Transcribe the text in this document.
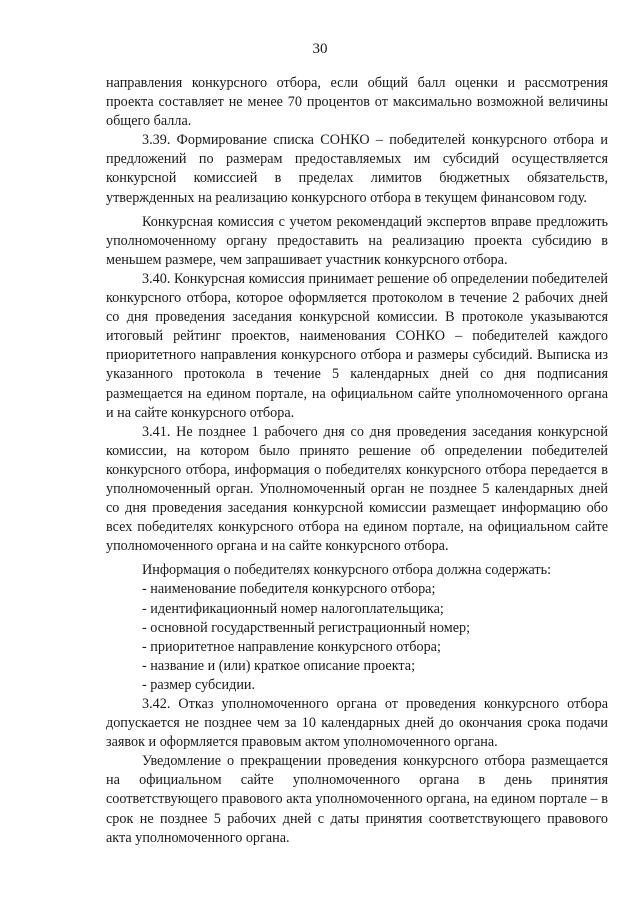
30

направления конкурсного отбора, если общий балл оценки и рассмотрения проекта составляет не менее 70 процентов от максимально возможной величины общего балла.

3.39. Формирование списка СОНКО – победителей конкурсного отбора и предложений по размерам предоставляемых им субсидий осуществляется конкурсной комиссией в пределах лимитов бюджетных обязательств, утвержденных на реализацию конкурсного отбора в текущем финансовом году.

Конкурсная комиссия с учетом рекомендаций экспертов вправе предложить уполномоченному органу предоставить на реализацию проекта субсидию в меньшем размере, чем запрашивает участник конкурсного отбора.

3.40. Конкурсная комиссия принимает решение об определении победителей конкурсного отбора, которое оформляется протоколом в течение 2 рабочих дней со дня проведения заседания конкурсной комиссии. В протоколе указываются итоговый рейтинг проектов, наименования СОНКО – победителей каждого приоритетного направления конкурсного отбора и размеры субсидий. Выписка из указанного протокола в течение 5 календарных дней со дня подписания размещается на едином портале, на официальном сайте уполномоченного органа и на сайте конкурсного отбора.

3.41. Не позднее 1 рабочего дня со дня проведения заседания конкурсной комиссии, на котором было принято решение об определении победителей конкурсного отбора, информация о победителях конкурсного отбора передается в уполномоченный орган. Уполномоченный орган не позднее 5 календарных дней со дня проведения заседания конкурсной комиссии размещает информацию обо всех победителях конкурсного отбора на едином портале, на официальном сайте уполномоченного органа и на сайте конкурсного отбора.

Информация о победителях конкурсного отбора должна содержать:

- наименование победителя конкурсного отбора;
- идентификационный номер налогоплательщика;
- основной государственный регистрационный номер;
- приоритетное направление конкурсного отбора;
- название и (или) краткое описание проекта;
- размер субсидии.

3.42. Отказ уполномоченного органа от проведения конкурсного отбора допускается не позднее чем за 10 календарных дней до окончания срока подачи заявок и оформляется правовым актом уполномоченного органа.

Уведомление о прекращении проведения конкурсного отбора размещается на официальном сайте уполномоченного органа в день принятия соответствующего правового акта уполномоченного органа, на едином портале – в срок не позднее 5 рабочих дней с даты принятия соответствующего правового акта уполномоченного органа.
